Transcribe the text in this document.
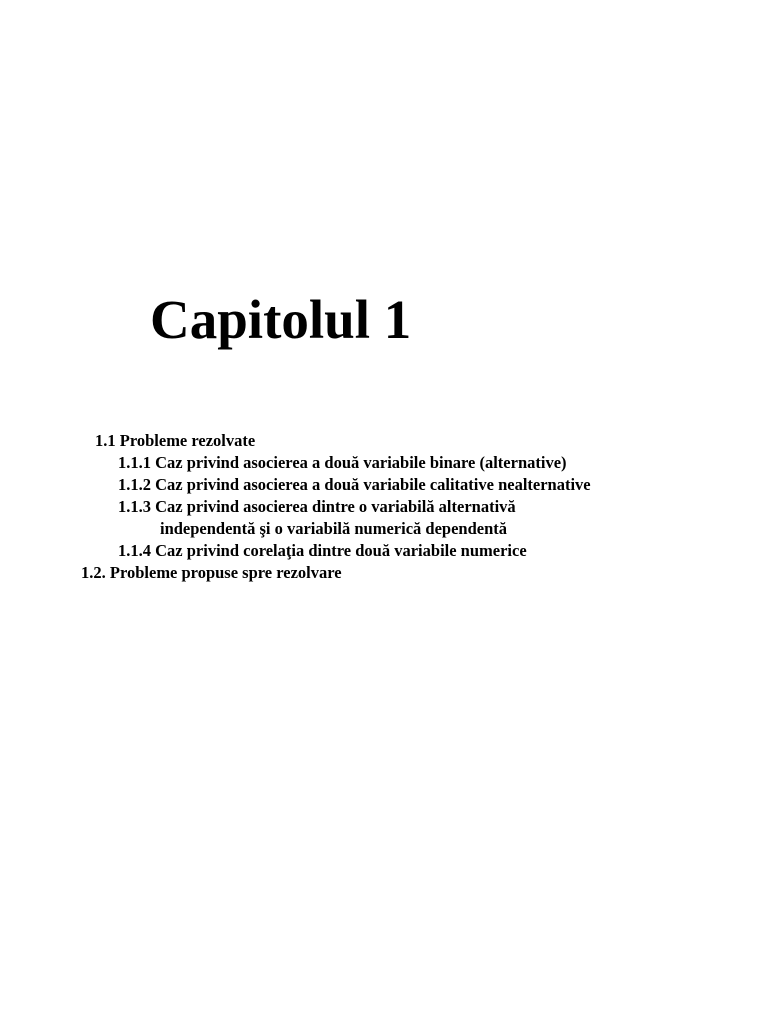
Capitolul 1
1.1 Probleme rezolvate
1.1.1 Caz privind asocierea a două variabile binare (alternative)
1.1.2 Caz privind asocierea a două variabile calitative nealternative
1.1.3 Caz privind asocierea dintre o variabilă alternativă
independentă şi o variabilă numerică dependentă
1.1.4 Caz privind corelaţia dintre două variabile numerice
1.2. Probleme propuse spre rezolvare
